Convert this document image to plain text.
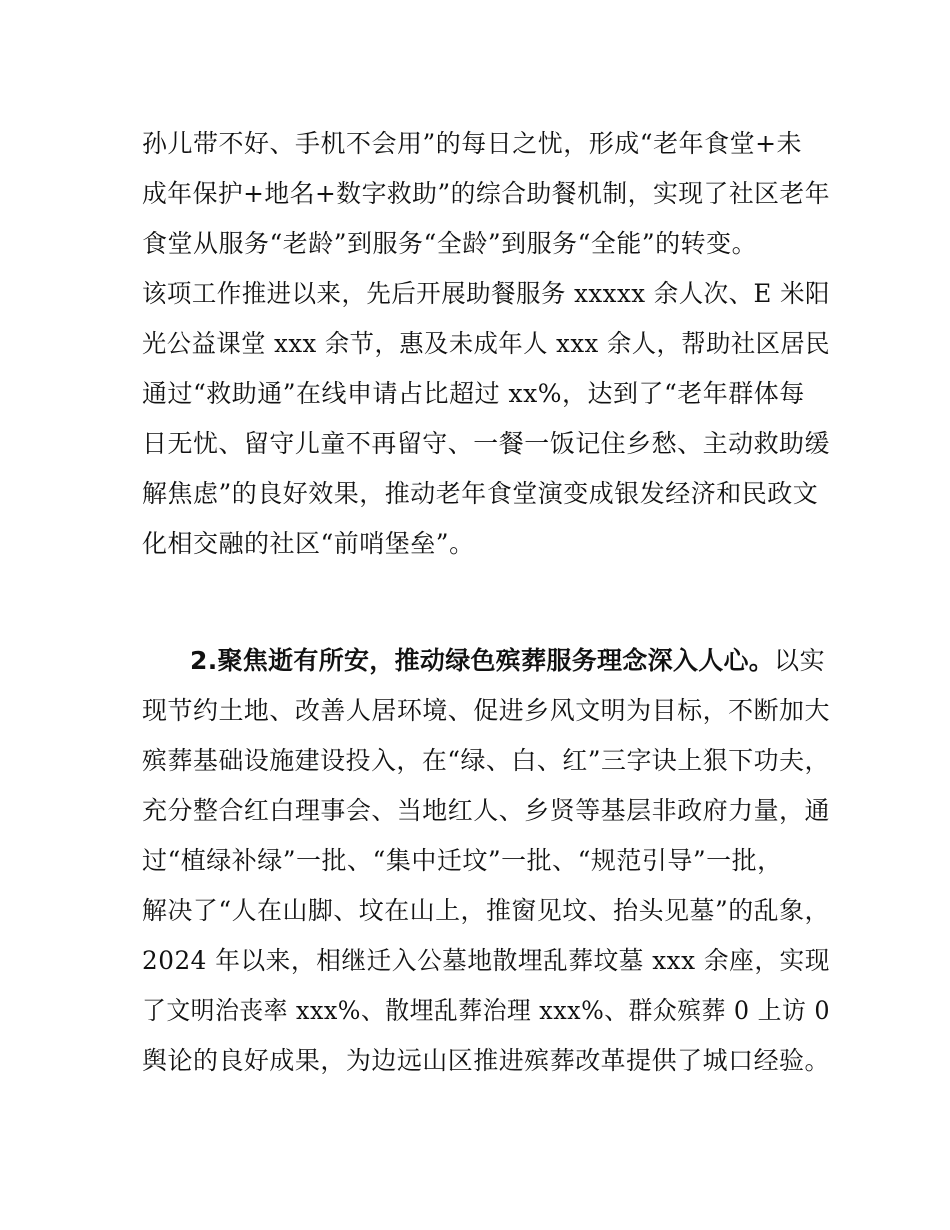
孙儿带不好、手机不会用”的每日之忧，形成“老年食堂+未
成年保护+地名+数字救助”的综合助餐机制，实现了社区老年
食堂从服务“老龄”到服务“全龄”到服务“全能”的转变。
该项工作推进以来，先后开展助餐服务 xxxxx 余人次、E 米阳
光公益课堂 xxx 余节，惠及未成年人 xxx 余人，帮助社区居民
通过“救助通”在线申请占比超过 xx%，达到了“老年群体每
日无忧、留守儿童不再留守、一餐一饭记住乡愁、主动救助缓
解焦虑”的良好效果，推动老年食堂演变成银发经济和民政文
化相交融的社区“前哨堡垒”。
2.聚焦逝有所安，推动绿色殡葬服务理念深入人心。以实
现节约土地、改善人居环境、促进乡风文明为目标，不断加大
殡葬基础设施建设投入，在“绿、白、红”三字诀上狠下功夫，
充分整合红白理事会、当地红人、乡贤等基层非政府力量，通
过“植绿补绿”一批、“集中迁坟”一批、“规范引导”一批，
解决了“人在山脚、坟在山上，推窗见坟、抬头见墓”的乱象，
2024 年以来，相继迁入公墓地散埋乱葬坟墓 xxx 余座，实现
了文明治丧率 xxx%、散埋乱葬治理 xxx%、群众殡葬 0 上访 0
舆论的良好成果，为边远山区推进殡葬改革提供了城口经验。
